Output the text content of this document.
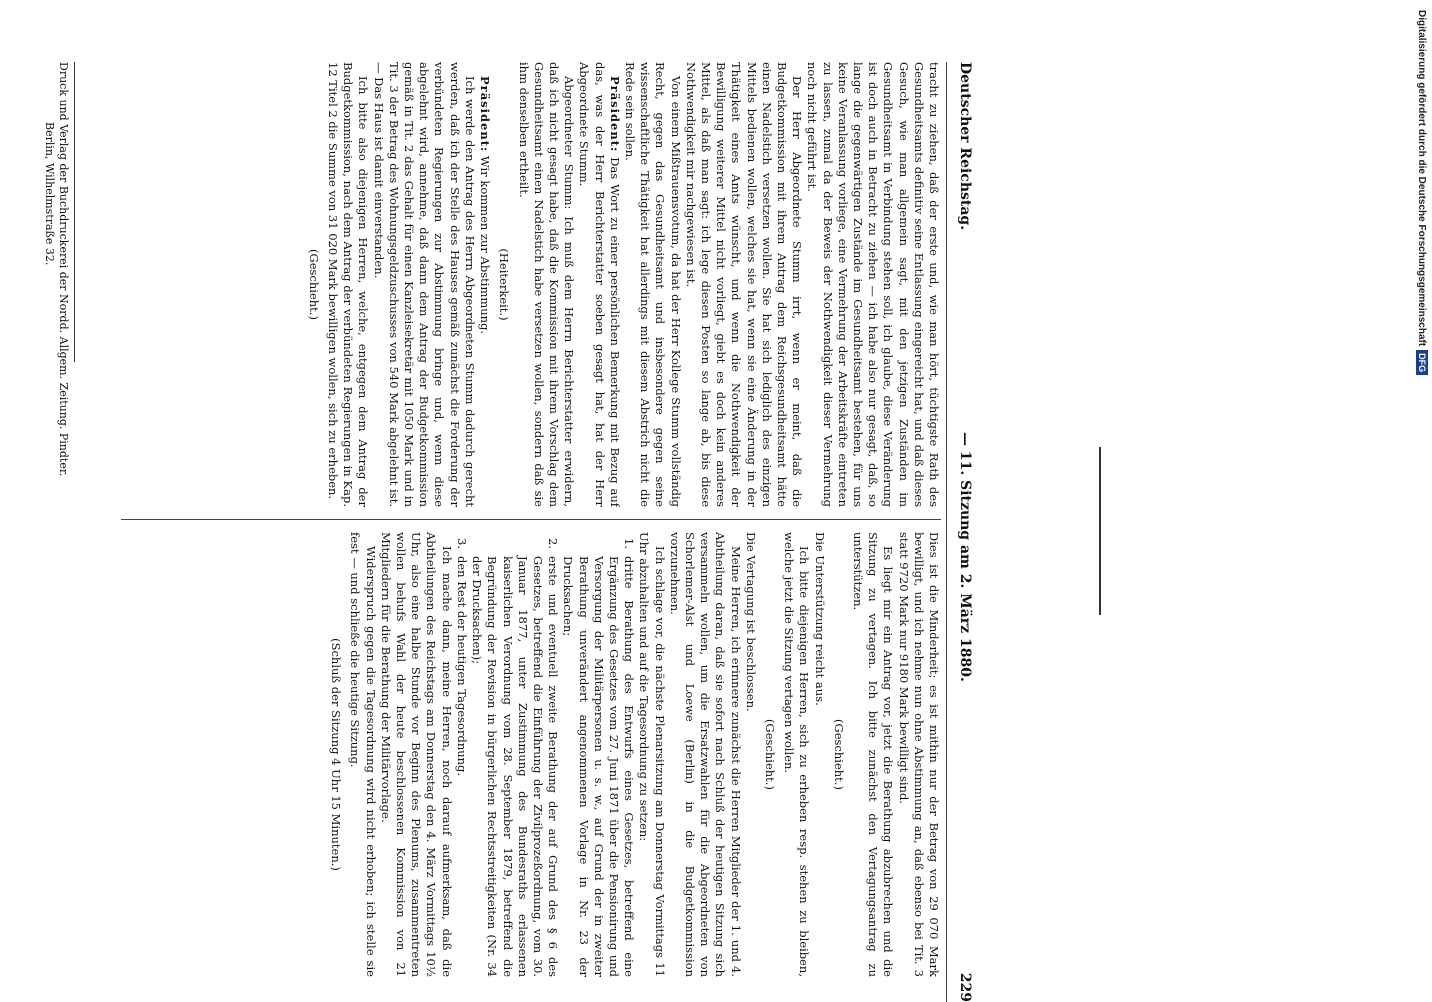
Deutscher Reichstag.
— 11. Sitzung am 2. März 1880.
229
tracht zu ziehen, daß der erste und, wie man hört, tüchtigste Rath des Gesundheitsamts definitiv seine Entlassung eingereicht hat, und daß dieses Gesuch, wie man allgemein sagt, mit den jetzigen Zuständen im Gesundheitsamt in Verbindung stehen soll, ich glaube, diese Veränderung ist doch auch in Betracht zu ziehen — ich habe also nur gesagt, daß, so lange die gegenwärtigen Zustände im Gesundheitsamt bestehen, für uns keine Veranlassung vorliege, eine Vermehrung der Arbeitskräfte eintreten zu lassen, zumal da der Beweis der Nothwendigkeit dieser Vermehrung noch nicht geführt ist.
Der Herr Abgeordnete Stumm irrt, wenn er meint, daß die Budgetkommission mit ihrem Antrag dem Reichsgesundheitsamt hätte einen Nadelstich versetzen wollen. Sie hat sich lediglich des einzigen Mittels bedienen wollen, welches sie hat, wenn sie eine Änderung in der Thätigkeit eines Amts wünscht, und wenn die Nothwendigkeit der Bewilligung weiterer Mittel nicht vorliegt, giebt es doch kein anderes Mittel, als daß man sagt: ich lege diesen Posten so lange ab, bis diese Nothwendigkeit mir nachgewiesen ist.
Von einem Mißtrauensvotum, da hat der Herr Kollege Stumm vollständig Recht, gegen das Gesundheitsamt und insbesondere gegen seine wissenschaftliche Thätigkeit hat allerdings mit diesem Abstrich nicht die Rede sein sollen.
Präsident: Das Wort zu einer persönlichen Bemerkung mit Bezug auf das, was der Herr Berichterstatter soeben gesagt hat, hat der Herr Abgeordnete Stumm.
Abgeordneter Stumm: Ich muß dem Herrn Berichterstatter erwidern, daß ich nicht gesagt habe, daß die Kommission mit ihrem Vorschlag dem Gesundheitsamt einen Nadelstich habe versetzen wollen, sondern daß sie ihm denselben ertheilt.
(Heiterkeit.)
Präsident: Wir kommen zur Abstimmung.
Ich werde den Antrag des Herrn Abgeordneten Stumm dadurch gerecht werden, daß ich der Stelle des Hauses gemäß zunächst die Forderung der verbündeten Regierungen zur Abstimmung bringe und, wenn diese abgelehnt wird, annehme, daß dann dem Antrag der Budgetkommission gemäß in Tit. 2 das Gehalt für einen Kanzleisekretär mit 1050 Mark und in Tit. 3 der Betrag des Wohnungsgeldzuschusses von 540 Mark abgelehnt ist. — Das Haus ist damit einverstanden.
Ich bitte also diejenigen Herren, welche, entgegen dem Antrag der Budgetkommission, nach dem Antrag der verbündeten Regierungen in Kap. 12 Titel 2 die Summe von 31 020 Mark bewilligen wollen, sich zu erheben.
(Geschieht.)
Dies ist die Minderheit; es ist mithin nur der Betrag von 29 070 Mark bewilligt, und ich nehme nun ohne Abstimmung an, daß ebenso bei Tit. 3 statt 9720 Mark nur 9180 Mark bewilligt sind.
Es liegt mir ein Antrag vor, jetzt die Berathung abzubrechen und die Sitzung zu vertagen. Ich bitte zunächst den Vertagungsantrag zu unterstützen.
(Geschieht.)
Die Unterstützung reicht aus.
Ich bitte diejenigen Herren, sich zu erheben resp. stehen zu bleiben, welche jetzt die Sitzung vertagen wollen.
(Geschieht.)
Die Vertagung ist beschlossen.
Meine Herren, ich erinnere zunächst die Herren Mitglieder der 1. und 4. Abtheilung daran, daß sie sofort nach Schluß der heutigen Sitzung sich versammeln wollen, um die Ersatzwahlen für die Abgeordneten von Schorlemer-Alst und Loewe (Berlin) in die Budgetkommission vorzunehmen.
Ich schlage vor, die nächste Plenarsitzung am Donnerstag Vormittags 11 Uhr abzuhalten und auf die Tagesordnung zu setzen:
1.
dritte Berathung des Entwurfs eines Gesetzes, betreffend eine Ergänzung des Gesetzes vom 27. Juni 1871 über die Pensionirung und Versorgung der Militärpersonen u. s. w., auf Grund der in zweiter Berathung unverändert angenommenen Vorlage in Nr. 23 der Drucksachen;
2.
erste und eventuell zweite Berathung der auf Grund des § 6 des Gesetzes, betreffend die Einführung der Zivilprozeßordnung, vom 30. Januar 1877, unter Zustimmung des Bundesraths erlassenen kaiserlichen Verordnung vom 28. September 1879, betreffend die Begründung der Revision in bürgerlichen Rechtsstreitigkeiten (Nr. 34 der Drucksachen);
3.
den Rest der heutigen Tagesordnung.
Ich mache dann, meine Herren, noch darauf aufmerksam, daß die Abtheilungen des Reichstags am Donnerstag den 4. März Vormittags 10½ Uhr, also eine halbe Stunde vor Beginn des Plenums, zusammentreten wollen behufs Wahl der heute beschlossenen Kommission von 21 Mitgliedern für die Berathung der Militärvorlage.
Widerspruch gegen die Tagesordnung wird nicht erhoben; ich stelle sie fest — und schließe die heutige Sitzung.
(Schluß der Sitzung 4 Uhr 15 Minuten.)
Druck und Verlag der Buchdruckerei der Nordd. Allgem. Zeitung. Pindter.
Berlin, Wilhelmstraße 32.	Digitalisierung gefördert durch die Deutsche ForschungsgemeinschaftDFG
